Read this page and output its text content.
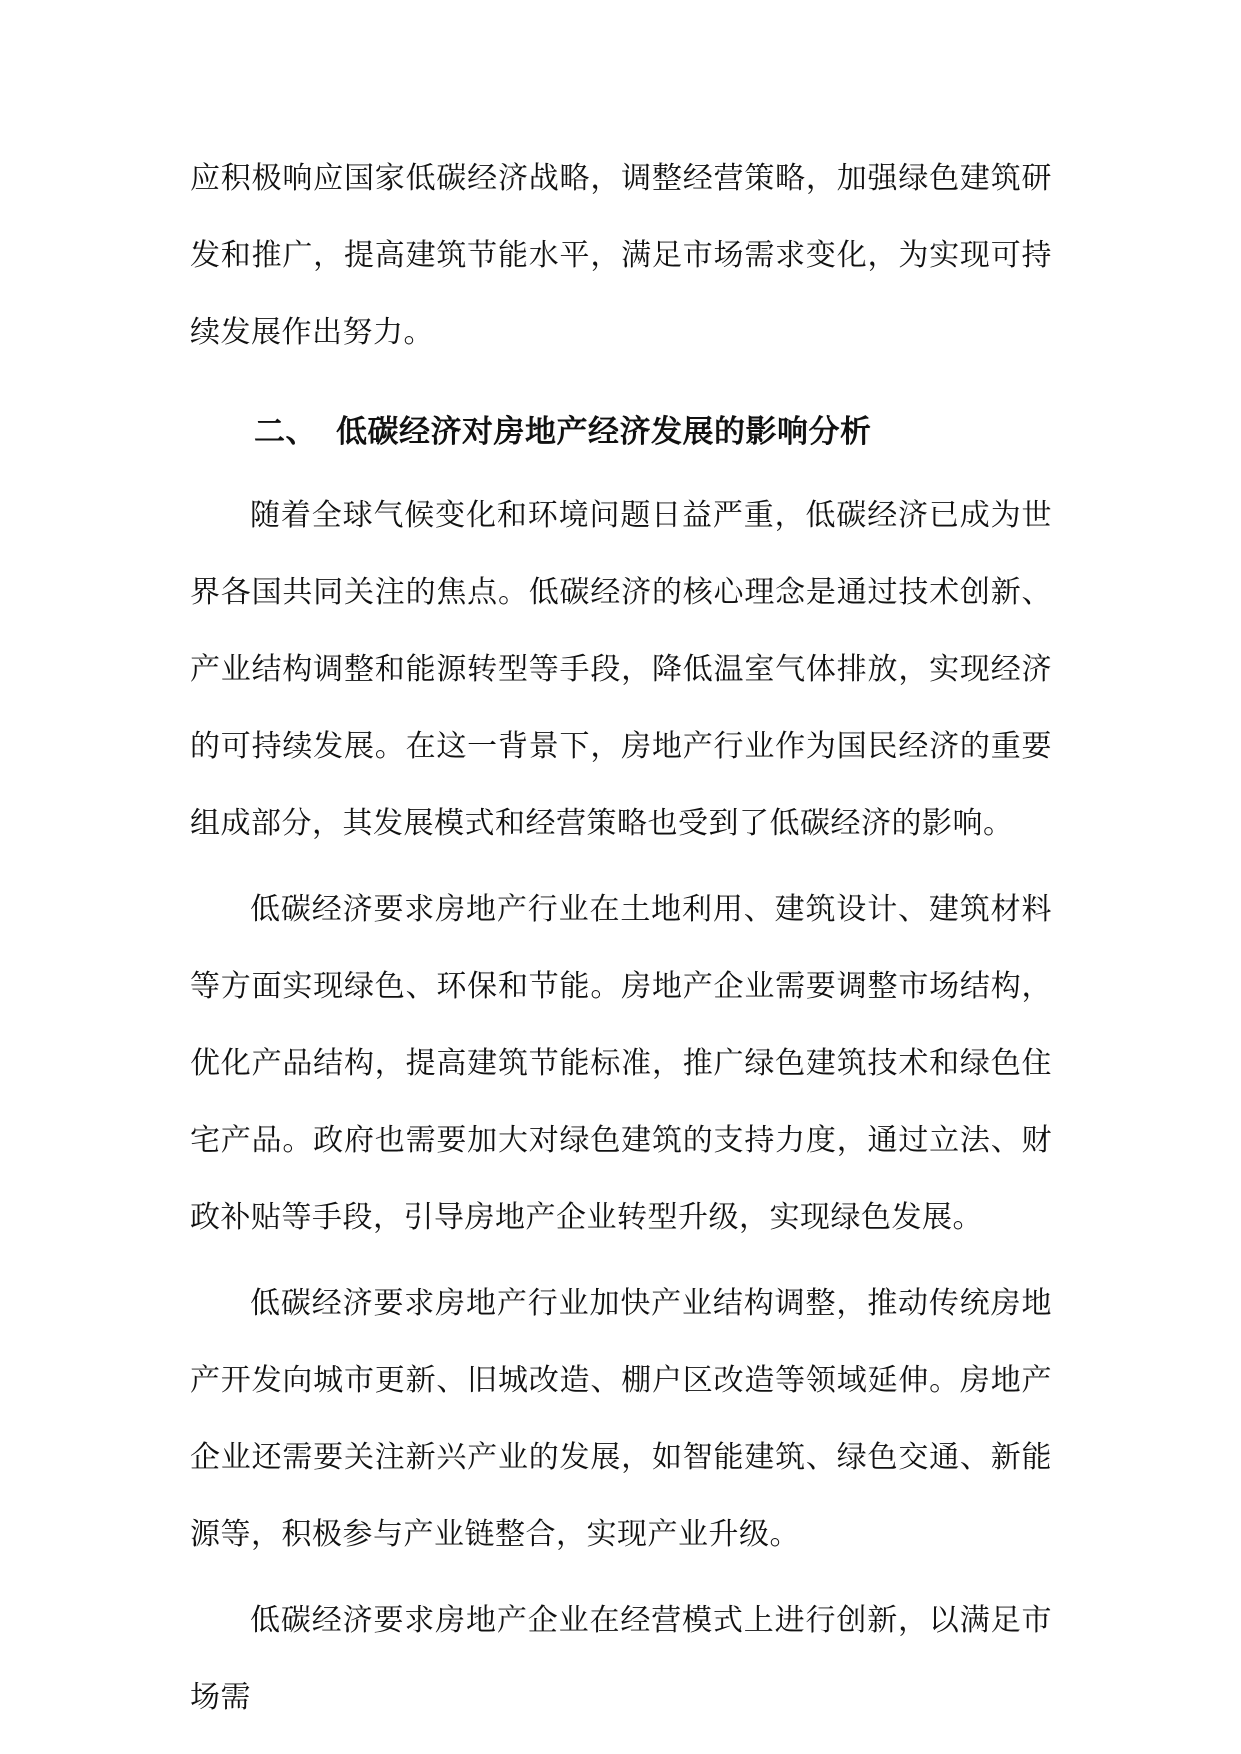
应积极响应国家低碳经济战略，调整经营策略，加强绿色建筑研发和推广，提高建筑节能水平，满足市场需求变化，为实现可持续发展作出努力。

二、 低碳经济对房地产经济发展的影响分析

随着全球气候变化和环境问题日益严重，低碳经济已成为世界各国共同关注的焦点。低碳经济的核心理念是通过技术创新、产业结构调整和能源转型等手段，降低温室气体排放，实现经济的可持续发展。在这一背景下，房地产行业作为国民经济的重要组成部分，其发展模式和经营策略也受到了低碳经济的影响。

低碳经济要求房地产行业在土地利用、建筑设计、建筑材料等方面实现绿色、环保和节能。房地产企业需要调整市场结构，优化产品结构，提高建筑节能标准，推广绿色建筑技术和绿色住宅产品。政府也需要加大对绿色建筑的支持力度，通过立法、财政补贴等手段，引导房地产企业转型升级，实现绿色发展。

低碳经济要求房地产行业加快产业结构调整，推动传统房地产开发向城市更新、旧城改造、棚户区改造等领域延伸。房地产企业还需要关注新兴产业的发展，如智能建筑、绿色交通、新能源等，积极参与产业链整合，实现产业升级。

低碳经济要求房地产企业在经营模式上进行创新，以满足市场需
